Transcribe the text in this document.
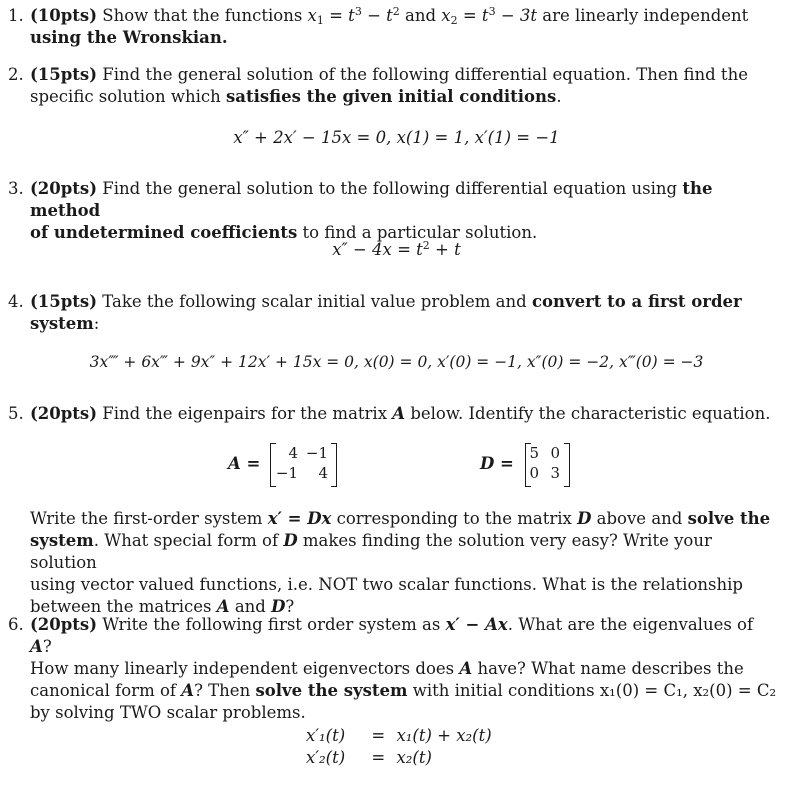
1. (10pts) Show that the functions $x_1 = t^3 - t^2$ and $x_2 = t^3 - 3t$ are linearly independent
using the Wronskian.
2. (15pts) Find the general solution of the following differential equation. Then find the
specific solution which satisfies the given initial conditions.
x″ + 2x′ − 15x = 0, x(1) = 1, x′(1) = −1
3. (20pts) Find the general solution to the following differential equation using the method
of undetermined coefficients to find a particular solution.
$x'' - 4x = t^2 + t$
4. (15pts) Take the following scalar initial value problem and convert to a first order
system:
3x⁗ + 6x‴ + 9x″ + 12x′ + 15x = 0, x(0) = 0, x′(0) = −1, x″(0) = −2, x‴(0) = −3
5. (20pts) Find the eigenpairs for the matrix A below. Identify the characteristic equation.
A =
4 −1
−1	4	D =
5 0
0 3
Write the first-order system x′ = Dx corresponding to the matrix D above and solve the
system. What special form of D makes finding the solution very easy? Write your solution
using vector valued functions, i.e. NOT two scalar functions. What is the relationship
between the matrices A and D?
6. (20pts) Write the following first order system as x′ − Ax. What are the eigenvalues of A?
How many linearly independent eigenvectors does A have? What name describes the
canonical form of A? Then solve the system with initial conditions x₁(0) = C₁, x₂(0) = C₂
by solving TWO scalar problems.
x′₁(t) = x₁(t) + x₂(t)
x′₂(t) = x₂(t)
